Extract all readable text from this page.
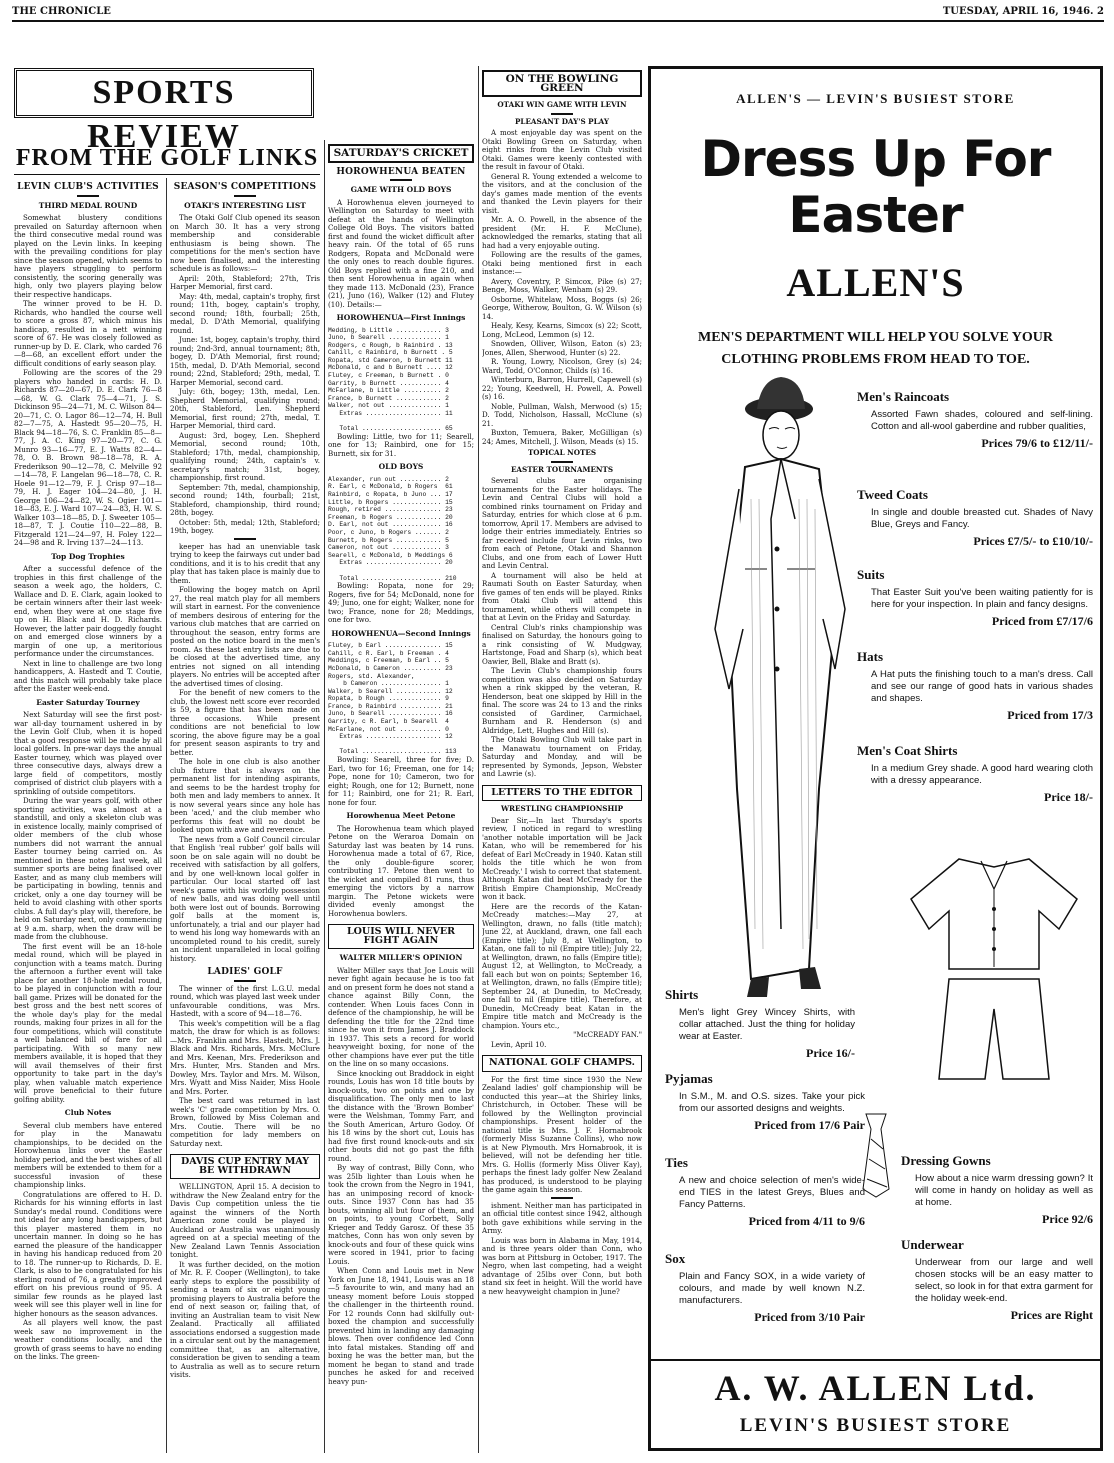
THE CHRONICLE	TUESDAY, APRIL 16, 1946. 2
SPORTS REVIEW
FROM THE GOLF LINKS
LEVIN CLUB'S ACTIVITIES
THIRD MEDAL ROUND

Somewhat blustery conditions prevailed on Saturday afternoon when the third consecutive medal round was played on the Levin links. In keeping with the prevailing conditions for play since the season opened, which seems to have players struggling to perform consistently, the scoring generally was high, only two players playing below their respective handicaps.

The winner proved to be H. D. Richards, who handled the course well to score a gross 87, which minus his handicap, resulted in a nett winning score of 67. He was closely followed as runner-up by D. E. Clark, who carded 76—8—68, an excellent effort under the difficult conditions of early season play.

Following are the scores of the 29 players who handed in cards: H. D. Richards 87—20—67, D. E. Clark 76—8—68, W. G. Clark 75—4—71, J. S. Dickinson 95—24—71, M. C. Wilson 84—20—71, C. O. Lagor 86—12—74, H. Bull 82—7—75, A. Hastedt 95—20—75, H. Black 94—18—76, S. C. Franklin 85—8—77, J. A. C. King 97—20—77, C. G. Munro 93—16—77, E. J. Watts 82—4—78, O. B. Brown 98—18—78, R. A. Frederikson 90—12—78, C. Melville 92—14—78, F. Langelan 96—18—78, C. R. Hoele 91—12—79, F. J. Crisp 97—18—79, H. J. Eager 104—24—80, J. H. George 106—24—82, W. S. Ogier 101—18—83, E. J. Ward 107—24—83, H. W. S. Walker 103—18—85, D. J. Sweeter 105—18—87, T. J. Coutie 110—22—88, B. Fitzgerald 121—24—97, H. Foley 122—24—98 and R. Irving 137—24—113.

Top Dog Trophies

After a successful defence of the trophies in this first challenge of the season a week ago, the holders, C. Wallace and D. E. Clark, again looked to be certain winners after their last week-end, when they were at one stage five up on H. Black and H. D. Richards. However, the latter pair doggedly fought on and emerged close winners by a margin of one up, a meritorious performance under the circumstances.

Next in line to challenge are two long handicappers, A. Hastedt and T. Coutie, and this match will probably take place after the Easter week-end.

Easter Saturday Tourney

Next Saturday will see the first post-war all-day tournament ushered in by the Levin Golf Club, when it is hoped that a good response will be made by all local golfers. In pre-war days the annual Easter tourney, which was played over three consecutive days, always drew a large field of competitors, mostly comprised of district club players with a sprinkling of outside competitors.

During the war years golf, with other sporting activities, was almost at a standstill, and only a skeleton club was in existence locally, mainly comprised of older members of the club whose numbers did not warrant the annual Easter tourney being carried on. As mentioned in these notes last week, all summer sports are being finalised over Easter, and as many club members will be participating in bowling, tennis and cricket, only a one day tourney will be held to avoid clashing with other sports clubs. A full day's play will, therefore, be held on Saturday next, only commencing at 9 a.m. sharp, when the draw will be made from the clubhouse.

The first event will be an 18-hole medal round, which will be played in conjunction with a teams match. During the afternoon a further event will take place for another 18-hole medal round, to be played in conjunction with a four ball game. Prizes will be donated for the best gross and the best nett scores of the whole day's play for the medal rounds, making four prizes in all for the four competitions, which will constitute a well balanced bill of fare for all participating. With so many new members available, it is hoped that they will avail themselves of their first opportunity to take part in the day's play, when valuable match experience will prove beneficial to their future golfing ability.

Club Notes

Several club members have entered for play in the Manawatu championships, to be decided on the Horowhenua links over the Easter holiday period, and the best wishes of all members will be extended to them for a successful invasion of these championship links.

Congratulations are offered to H. D. Richards for his winning efforts in last Sunday's medal round. Conditions were not ideal for any long handicappers, but this player mastered them in no uncertain manner. In doing so he has earned the pleasure of the handicapper in having his handicap reduced from 20 to 18. The runner-up to Richards, D. E. Clark, is also to be congratulated for his sterling round of 76, a greatly improved effort on his previous round of 95. A similar few rounds as he played last week will see this player well in line for higher honours as the season advances.

As all players well know, the past week saw no improvement in the weather conditions locally, and the growth of grass seems to have no ending on the links. The green-

SEASON'S COMPETITIONS
OTAKI'S INTERESTING LIST

The Otaki Golf Club opened its season on March 30. It has a very strong membership and considerable enthusiasm is being shown. The competitions for the men's section have now been finalised, and the interesting schedule is as follows:—

April: 20th, Stableford; 27th, Tris Harper Memorial, first card.

May: 4th, medal, captain's trophy, first round; 11th, bogey, captain's trophy, second round; 18th, fourball; 25th, medal, D. D'Ath Memorial, qualifying round.

June: 1st, bogey, captain's trophy, third round; 2nd-3rd, annual tournament; 8th, bogey, D. D'Ath Memorial, first round; 15th, medal, D. D'Ath Memorial, second round; 22nd, Stableford; 29th, medal, T. Harper Memorial, second card.

July: 6th, bogey; 13th, medal, Len. Shepherd Memorial, qualifying round; 20th, Stableford, Len. Shepherd Memorial, first round; 27th, medal, T. Harper Memorial, third card.

August: 3rd, bogey, Len. Shepherd Memorial, second round; 10th, Stableford; 17th, medal, championship, qualifying round; 24th, captain's v. secretary's match; 31st, bogey, championship, first round.

September: 7th, medal, championship, second round; 14th, fourball; 21st, Stableford, championship, third round; 28th, bogey.

October: 5th, medal; 12th, Stableford; 19th, bogey.

keeper has had an unenviable task trying to keep the fairways cut under bad conditions, and it is to his credit that any play that has taken place is mainly due to them.

Following the bogey match on April 27, the real match play for all members will start in earnest. For the convenience of members desirous of entering for the various club matches that are carried on throughout the season, entry forms are posted on the notice board in the men's room. As these last entry lists are due to be closed at the advertised time, any entries not signed on all intending players. No entries will be accepted after the advertised times of closing.

For the benefit of new comers to the club, the lowest nett score ever recorded is 59, a figure that has been made on three occasions. While present conditions are not beneficial to low scoring, the above figure may be a goal for present season aspirants to try and better.

The hole in one club is also another club fixture that is always on the permanent list for intending aspirants, and seems to be the hardest trophy for both men and lady members to annex. It is now several years since any hole has been 'aced,' and the club member who performs this feat will no doubt be looked upon with awe and reverence.

The news from a Golf Council circular that English 'real rubber' golf balls will soon be on sale again will no doubt be received with satisfaction by all golfers, and by one well-known local golfer in particular. Our local started off last week's game with his worldly possession of new balls, and was doing well until both were lost out of bounds. Borrowing golf balls at the moment is, unfortunately, a trial and our player had to wend his long way homewards with an uncompleted round to his credit, surely an incident unparalleled in local golfing history.

LADIES' GOLF

The winner of the first L.G.U. medal round, which was played last week under unfavourable conditions, was Mrs. Hastedt, with a score of 94—18—76.

This week's competition will be a flag match, the draw for which is as follows:—Mrs. Franklin and Mrs. Hastedt, Mrs. J. Black and Mrs. Richards, Mrs. McClure and Mrs. Keenan, Mrs. Frederikson and Mrs. Hunter, Mrs. Standen and Mrs. Dowley, Mrs. Taylor and Mrs. M. Wilson, Mrs. Wyatt and Miss Naider, Miss Hoole and Mrs. Porter.

The best card was returned in last week's 'C' grade competition by Mrs. O. Brown, followed by Miss Coleman and Mrs. Coutie. There will be no competition for lady members on Saturday next.

DAVIS CUP ENTRY MAY BE WITHDRAWN

WELLINGTON, April 15. A decision to withdraw the New Zealand entry for the Davis Cup competition unless the tie against the winners of the North American zone could be played in Auckland or Australia was unanimously agreed on at a special meeting of the New Zealand Lawn Tennis Association tonight.

It was further decided, on the motion of Mr. R. F. Cooper (Wellington), to take early steps to explore the possibility of sending a team of six or eight young promising players to Australia before the end of next season or, failing that, of inviting an Australian team to visit New Zealand. Practically all affiliated associations endorsed a suggestion made in a circular sent out by the management committee that, as an alternative, consideration be given to sending a team to Australia as well as to secure return visits.

SATURDAY'S CRICKET
HOROWHENUA BEATEN
GAME WITH OLD BOYS

A Horowhenua eleven journeyed to Wellington on Saturday to meet with defeat at the hands of Wellington College Old Boys. The visitors batted first and found the wicket difficult after heavy rain. Of the total of 65 runs Rodgers, Ropata and McDonald were the only ones to reach double figures. Old Boys replied with a fine 210, and then sent Horowhenua in again when they made 113. McDonald (23), France (21), Juno (16), Walker (12) and Flutey (10). Details:—

HOROWHENUA—First Innings
Medding, b Little ............ 3
Juno, b Searell .............. 1
Rodgers, c Rough, b Rainbird . 13
Cahill, c Rainbird, b Burnett . 5
Ropata, std Cameron, b Burnett 11
McDonald, c and b Burnett .... 12
Flutey, c Freeman, b Burnett . 0
Garrity, b Burnett ........... 4
McFarlane, b Little .......... 2
France, b Burnett ............ 2
Walker, not out .............. 1
Extras .................... 11

Total ..................... 65

Bowling: Little, two for 11; Searell, one for 13; Rainbird, one for 15; Burnett, six for 31.

OLD BOYS
Alexander, run out ........... 2
R. Earl, c McDonald, b Rogers  61
Rainbird, c Ropata, b Juno ... 17
Little, b Rogers ............. 15
Rough, retired ............... 23
Freeman, b Rogers ............ 20
D. Earl, not out ............. 16
Poor, c Juno, b Rogers ....... 2
Burnett, b Rogers ............ 5
Cameron, not out ............. 3
Searell, c McDonald, b Meddings 6
Extras .................... 20

Total ..................... 210

Bowling: Ropata, none for 29; Rogers, five for 54; McDonald, none for 49; Juno, one for eight; Walker, none for two; France, none for 28; Meddings, one for two.

HOROWHENUA—Second Innings
Flutey, b Earl ............... 15
Cahill, c R. Earl, b Freeman . 4
Meddings, c Freeman, b Earl .. 5
McDonald, b Cameron .......... 23
Rogers, std. Alexander,
b Cameron ................ 1
Walker, b Searell ............ 12
Ropata, b Rough .............. 9
France, b Rainbird ........... 21
Juno, b Searell .............. 16
Garrity, c R. Earl, b Searell  4
McFarlane, not out ........... 0
Extras .................... 12

Total ..................... 113

Bowling: Searell, three for five; D. Earl, two for 16; Freeman, one for 14; Pope, none for 10; Cameron, two for eight; Rough, one for 12; Burnett, none for 11; Rainbird, one for 21; R. Earl, none for four.

Horowhenua Meet Petone

The Horowhenua team which played Petone on the Weraroa Domain on Saturday last was beaten by 14 runs. Horowhenua made a total of 67, Rice, the only double-figure scorer, contributing 17. Petone then went to the wicket and compiled 81 runs, thus emerging the victors by a narrow margin. The Petone wickets were divided evenly amongst the Horowhenua bowlers.

LOUIS WILL NEVER FIGHT AGAIN
WALTER MILLER'S OPINION

Walter Miller says that Joe Louis will never fight again because he is too fat and on present form he does not stand a chance against Billy Conn, the contender. When Louis faces Conn in defence of the championship, he will be defending the title for the 22nd time since he won it from James J. Braddock in 1937. This sets a record for world heavyweight boxing, for none of the other champions have ever put the title on the line on so many occasions.

Since knocking out Braddock in eight rounds, Louis has won 18 title bouts by knock-outs, two on points and one by disqualification. The only men to last the distance with the 'Brown Bomber' were the Welshman, Tommy Farr, and the South American, Arturo Godoy. Of his 18 wins by the short cut, Louis has had five first round knock-outs and six other bouts did not go past the fifth round.

By way of contrast, Billy Conn, who was 25lb lighter than Louis when he took the crown from the Negro in 1941, has an unimposing record of knock-outs. Since 1937 Conn has had 35 bouts, winning all but four of them, and on points, to young Corbett, Solly Krieger and Teddy Garosz. Of these 35 matches, Conn has won only seven by knock-outs and four of these quick wins were scored in 1941, prior to facing Louis.

When Conn and Louis met in New York on June 18, 1941, Louis was an 18—5 favourite to win, and many had an uneasy moment before Louis stopped the challenger in the thirteenth round. For 12 rounds Conn had skilfully out-boxed the champion and successfully prevented him in landing any damaging blows. Then over confidence led Conn into fatal mistakes. Standing off and boxing he was the better man, but the moment he began to stand and trade punches he asked for and received heavy pun-

ON THE BOWLING GREEN
OTAKI WIN GAME WITH LEVIN
PLEASANT DAY'S PLAY

A most enjoyable day was spent on the Otaki Bowling Green on Saturday, when eight rinks from the Levin Club visited Otaki. Games were keenly contested with the result in favour of Otaki.

General R. Young extended a welcome to the visitors, and at the conclusion of the day's games made mention of the events and thanked the Levin players for their visit.

Mr. A. O. Powell, in the absence of the president (Mr. H. F. McClune), acknowledged the remarks, stating that all had had a very enjoyable outing.

Following are the results of the games, Otaki being mentioned first in each instance:—

Avery, Coventry, P. Simcox, Pike (s) 27; Benge, Moss, Walker, Wenham (s) 29.

Osborne, Whitelaw, Moss, Boggs (s) 26; George, Witherow, Boulton, G. W. Wilson (s) 14.

Healy, Kesy, Kearns, Simcox (s) 22; Scott, Long, McLeod, Lemmon (s) 12.

Snowden, Olliver, Wilson, Eaton (s) 23; Jones, Allen, Sherwood, Hunter (s) 22.

R. Young, Lowry, Nicolson, Grey (s) 24; Ward, Todd, O'Connor, Childs (s) 16.

Winterburn, Barron, Hurrell, Capewell (s) 22; Young, Keedwell, H. Powell, A. Powell (s) 16.

Noble, Pullman, Walsh, Merwood (s) 15; D. Todd, Nicholson, Hassall, McClune (s) 21.

Buxton, Temuera, Baker, McGilligan (s) 24; Ames, Mitchell, J. Wilson, Meads (s) 15.

TOPICAL NOTES
EASTER TOURNAMENTS

Several clubs are organising tournaments for the Easter holidays. The Levin and Central Clubs will hold a combined rinks tournament on Friday and Saturday, entries for which close at 6 p.m. tomorrow, April 17. Members are advised to lodge their entries immediately. Entries so far received include four Levin rinks, two from each of Petone, Otaki and Shannon Clubs, and one from each of Lower Hutt and Levin Central.

A tournament will also be held at Raumati South on Easter Saturday, when five games of ten ends will be played. Rinks from Otaki Club will attend this tournament, while others will compete in that at Levin on the Friday and Saturday.

Central Club's rinks championship was finalised on Saturday, the honours going to a rink consisting of W. Mudgway, Hartstonge, Foad and Sharp (s), which beat Oawier, Bell, Blake and Bratt (s).

The Levin Club's championship fours competition was also decided on Saturday when a rink skipped by the veteran, R. Henderson, beat one skipped by Hill in the final. The score was 24 to 13 and the rinks consisted of Gardiner, Carmichael, Burnham and R. Henderson (s) and Aldridge, Lett, Hughes and Hill (s).

The Otaki Bowling Club will take part in the Manawatu tournament on Friday, Saturday and Monday, and will be represented by Symonds, Jepson, Webster and Lawrie (s).

LETTERS TO THE EDITOR
WRESTLING CHAMPIONSHIP

Dear Sir,—In last Thursday's sports review, I noticed in regard to wrestling 'another notable importation will be Jack Katan, who will be remembered for his defeat of Earl McCready in 1940. Katan still holds the title which he won from McCready.' I wish to correct that statement. Although Katan did beat McCready for the British Empire Championship, McCready won it back.

Here are the records of the Katan-McCready matches:—May 27, at Wellington, drawn, no falls (title match); June 22, at Auckland, drawn, one fall each (Empire title); July 8, at Wellington, to Katan, one fall to nil (Empire title); July 22, at Wellington, drawn, no falls (Empire title); August 12, at Wellington, to McCready, a fall each but won on points; September 16, at Wellington, drawn, no falls (Empire title); September 24, at Dunedin, to McCready, one fall to nil (Empire title). Therefore, at Dunedin, McCready beat Katan in the Empire title match and McCready is the champion. Yours etc.,

"McCREADY FAN."

Levin, April 10.

NATIONAL GOLF CHAMPS.

For the first time since 1930 the New Zealand ladies' golf championship will be conducted this year—at the Shirley links, Christchurch, in October. These will be followed by the Wellington provincial championships. Present holder of the national title is Mrs. J. F. Hornabrook (formerly Miss Suzanne Collins), who now is at New Plymouth. Mrs Hornabrook, it is believed, will not be defending her title. Mrs. G. Hollis (formerly Miss Oliver Kay), perhaps the finest lady golfer New Zealand has produced, is understood to be playing the game again this season.

ishment. Neither man has participated in an official title contest since 1942, although both gave exhibitions while serving in the Army.

Louis was born in Alabama in May, 1914, and is three years older than Conn, who was born at Pittsburg in October, 1917. The Negro, when last competing, had a weight advantage of 25lbs over Conn, but both stand six feet in height. Will the world have a new heavyweight champion in June?

ALLEN'S — LEVIN'S BUSIEST STORE
Dress Up For
Easter
ALLEN'S
MEN'S DEPARTMENT WILL HELP YOU SOLVE YOUR CLOTHING PROBLEMS FROM HEAD TO TOE.
Men's Raincoats
Assorted Fawn shades, coloured and self-lining. Cotton and all-wool gaberdine and rubber qualities,
Prices 79/6 to £12/11/-
Tweed Coats
In single and double breasted cut. Shades of Navy Blue, Greys and Fancy.
Prices £7/5/- to £10/10/-
Suits
That Easter Suit you've been waiting patiently for is here for your inspection. In plain and fancy designs.
Priced from £7/17/6
Hats
A Hat puts the finishing touch to a man's dress. Call and see our range of good hats in various shades and shapes.
Priced from 17/3
Men's Coat Shirts
In a medium Grey shade. A good hard wearing cloth with a dressy appearance.
Price 18/-
Shirts
Men's light Grey Wincey Shirts, with collar attached. Just the thing for holiday wear at Easter.
Price 16/-
Pyjamas
In S.M., M. and O.S. sizes. Take your pick from our assorted designs and weights.
Priced from 17/6 Pair
Ties
A new and choice selection of men's wide-end TIES in the latest Greys, Blues and Fancy Patterns.
Priced from 4/11 to 9/6
Dressing Gowns
How about a nice warm dressing gown? It will come in handy on holiday as well as at home.
Price 92/6
Sox
Plain and Fancy SOX, in a wide variety of colours, and made by well known N.Z. manufacturers.
Priced from 3/10 Pair
Underwear
Underwear from our large and well chosen stocks will be an easy matter to select, so look in for that extra garment for the holiday week-end.
Prices are Right
A. W. ALLEN Ltd.
LEVIN'S BUSIEST STORE
